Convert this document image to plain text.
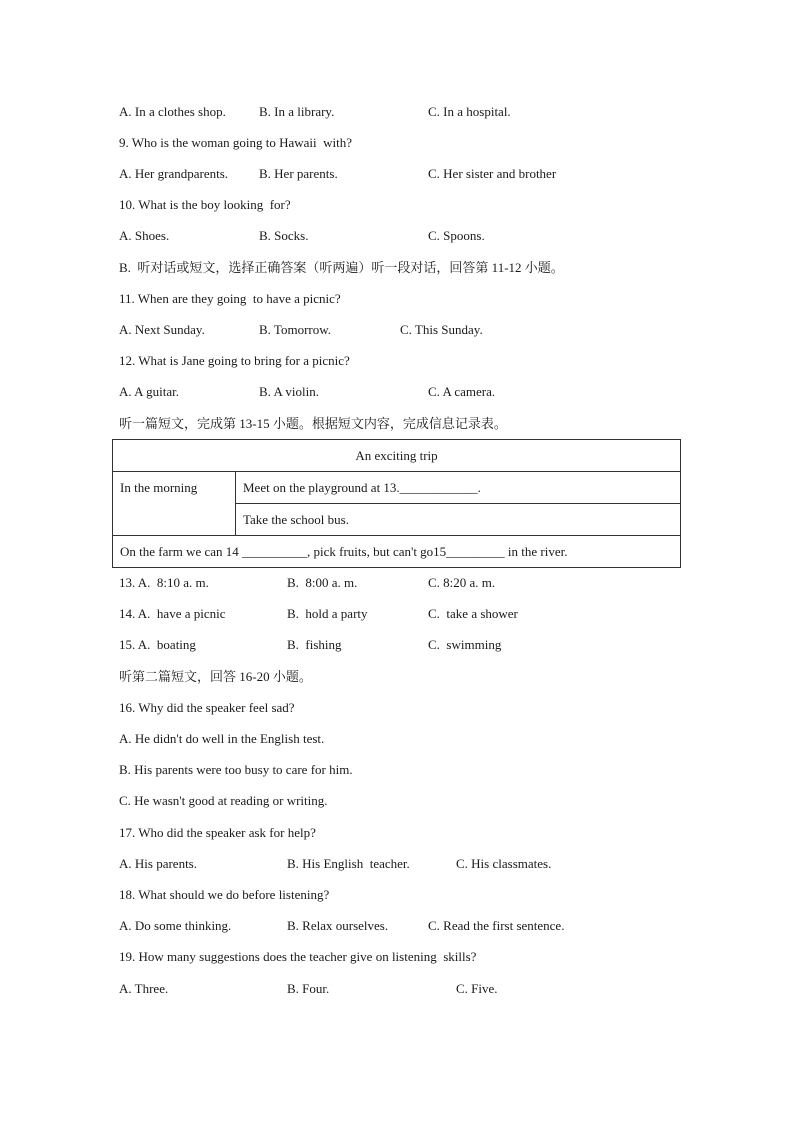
A. In a clothes shop.	B. In a library.	C. In a hospital.
9. Who is the woman going to Hawaii  with?
A. Her grandparents. B. Her parents.	C. Her sister and brother
10. What is the boy looking  for?
A. Shoes.	B. Socks.	C. Spoons.
B.  听对话或短文，选择正确答案（听两遍）听一段对话，回答第 11-12 小题。
11. When are they going  to have a picnic?
A. Next Sunday.	B. Tomorrow.	C. This Sunday.
12. What is Jane going to bring for a picnic?
A. A guitar.	B. A violin.	C. A camera.
听一篇短文，完成第 13-15 小题。根据短文内容，完成信息记录表。
An exciting trip
In the morning	Meet on the playground at 13.____________.
Take the school bus.
On the farm we can 14 __________, pick fruits, but can't go15_________ in the river.
13. A.  8:10 a. m.	B.  8:00 a. m.	C. 8:20 a. m.
14. A.  have a picnic	B.  hold a party	C.  take a shower
15. A.  boating	B.  fishing	C.  swimming
听第二篇短文，回答 16-20 小题。
16. Why did the speaker feel sad?
A. He didn't do well in the English test.
B. His parents were too busy to care for him.
C. He wasn't good at reading or writing.
17. Who did the speaker ask for help?
A. His parents.	B. His English  teacher.	C. His classmates.
18. What should we do before listening?
A. Do some thinking.	B. Relax ourselves.	C. Read the first sentence.
19. How many suggestions does the teacher give on listening  skills?
A. Three.	B. Four.	C. Five.
